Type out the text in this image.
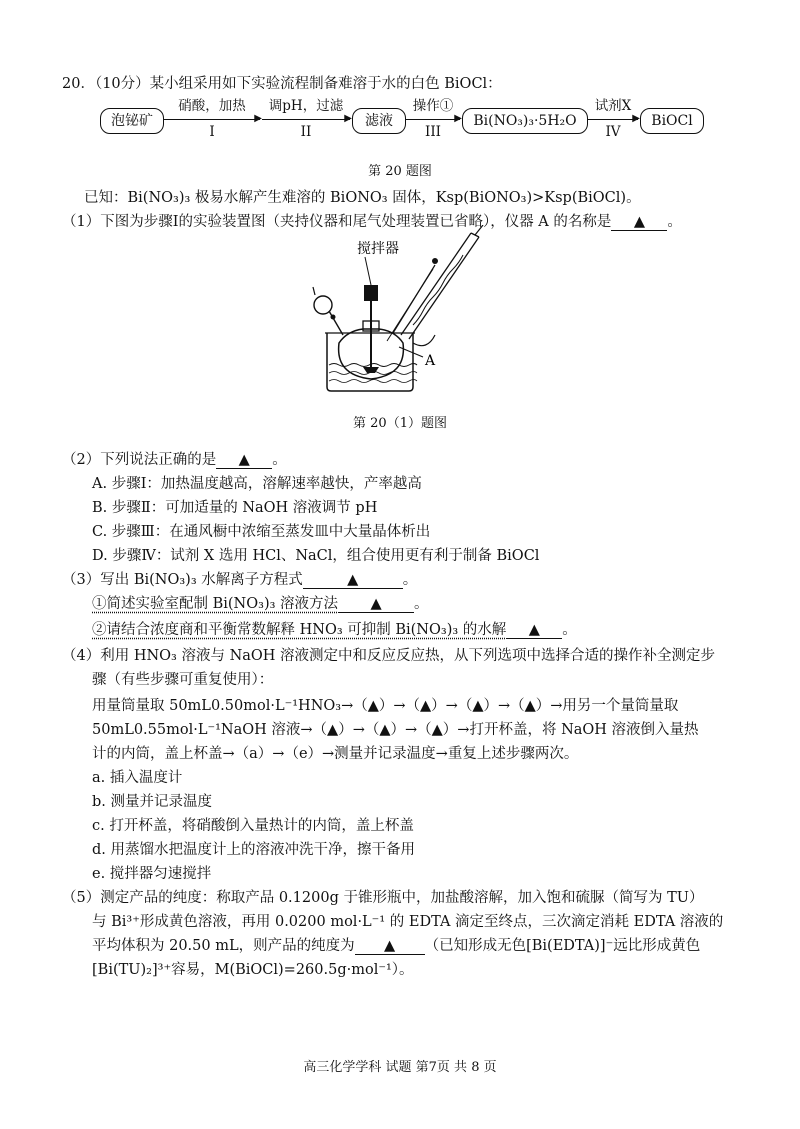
20．（10分）某小组采用如下实验流程制备难溶于水的白色 BiOCl：
泡铋矿
硝酸，加热
▶
I
调pH，过滤
▶
II
滤液
操作①
▶
III
Bi(NO₃)₃·5H₂O
试剂X
▶
IV
BiOCl
第 20 题图
已知：Bi(NO₃)₃ 极易水解产生难溶的 BiONO₃ 固体，Ksp(BiONO₃)>Ksp(BiOCl)。
（1）下图为步骤Ⅰ的实验装置图（夹持仪器和尾气处理装置已省略），仪器 A 的名称是 ▲ 。
搅拌器
A
第 20（1）题图
（2）下列说法正确的是 ▲ 。
A. 步骤Ⅰ：加热温度越高，溶解速率越快，产率越高
B. 步骤Ⅱ：可加适量的 NaOH 溶液调节 pH
C. 步骤Ⅲ：在通风橱中浓缩至蒸发皿中大量晶体析出
D. 步骤Ⅳ：试剂 X 选用 HCl、NaCl，组合使用更有利于制备 BiOCl
（3）写出 Bi(NO₃)₃ 水解离子方程式	▲	。
①简述实验室配制 Bi(NO₃)₃ 溶液方法 ▲ 。
②请结合浓度商和平衡常数解释 HNO₃ 可抑制 Bi(NO₃)₃ 的水解 ▲ 。
（4）利用 HNO₃ 溶液与 NaOH 溶液测定中和反应反应热，从下列选项中选择合适的操作补全测定步
骤（有些步骤可重复使用）：
用量筒量取 50mL0.50mol·L⁻¹HNO₃→（▲）→（▲）→（▲）→（▲）→用另一个量筒量取
50mL0.55mol·L⁻¹NaOH 溶液→（▲）→（▲）→（▲）→打开杯盖，将 NaOH 溶液倒入量热
计的内筒，盖上杯盖→（a）→（e）→测量并记录温度→重复上述步骤两次。
a. 插入温度计
b. 测量并记录温度
c. 打开杯盖，将硝酸倒入量热计的内筒，盖上杯盖
d. 用蒸馏水把温度计上的溶液冲洗干净，擦干备用
e. 搅拌器匀速搅拌
（5）测定产品的纯度：称取产品 0.1200g 于锥形瓶中，加盐酸溶解，加入饱和硫脲（简写为 TU）
与 Bi³⁺形成黄色溶液，再用 0.0200 mol·L⁻¹ 的 EDTA 滴定至终点，三次滴定消耗 EDTA 溶液的
平均体积为 20.50 mL，则产品的纯度为 ▲ （已知形成无色[Bi(EDTA)]⁻远比形成黄色
[Bi(TU)₂]³⁺容易，M(BiOCl)=260.5g·mol⁻¹）。
高三化学学科 试题 第7页 共 8 页
